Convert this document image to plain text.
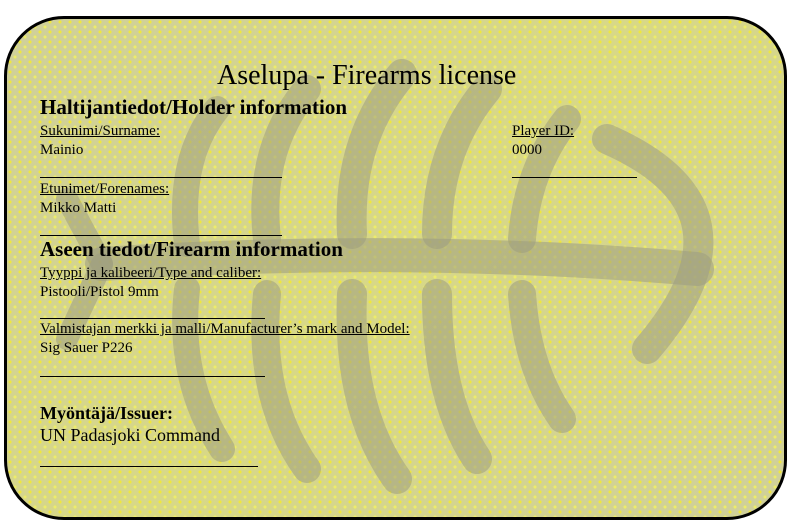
Aselupa - Firearms license
Haltijantiedot/Holder information
Sukunimi/Surname:
Mainio
Player ID:
0000
Etunimet/Forenames:
Mikko Matti
Aseen tiedot/Firearm information
Tyyppi ja kalibeeri/Type and caliber:
Pistooli/Pistol 9mm
Valmistajan merkki ja malli/Manufacturer’s mark and Model:
Sig Sauer P226
Myöntäjä/Issuer:
UN Padasjoki Command
